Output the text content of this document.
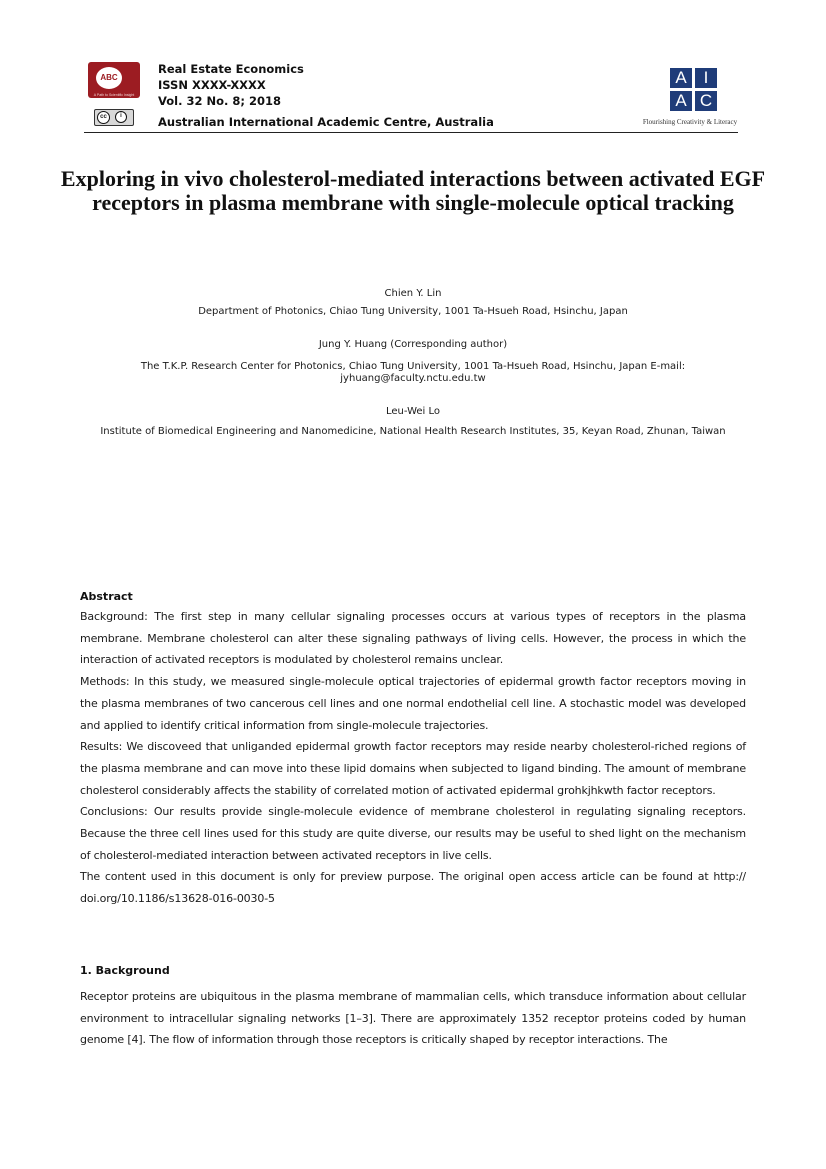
ABC
A Path to Scientific Insight
cc	i
Real Estate Economics
ISSN XXXX-XXXX
Vol. 32 No. 8; 2018
Australian International Academic Centre, Australia
A I
A C
Flourishing Creativity & Literacy
Exploring in vivo cholesterol-mediated interactions between activated EGF receptors in plasma membrane with single-molecule optical tracking
Chien Y. Lin
Department of Photonics, Chiao Tung University, 1001 Ta-Hsueh Road, Hsinchu, Japan
Jung Y. Huang (Corresponding author)
The T.K.P. Research Center for Photonics, Chiao Tung University, 1001 Ta-Hsueh Road, Hsinchu, Japan E-mail:
jyhuang@faculty.nctu.edu.tw
Leu-Wei Lo
Institute of Biomedical Engineering and Nanomedicine, National Health Research Institutes, 35, Keyan Road, Zhunan, Taiwan
Abstract

Background: The first step in many cellular signaling processes occurs at various types of receptors in the plasma membrane. Membrane cholesterol can alter these signaling pathways of living cells. However, the process in which the interaction of activated receptors is modulated by cholesterol remains unclear.

Methods: In this study, we measured single-molecule optical trajectories of epidermal growth factor receptors moving in the plasma membranes of two cancerous cell lines and one normal endothelial cell line. A stochastic model was developed and applied to identify critical information from single-molecule trajectories.

Results: We discoveed that unliganded epidermal growth factor receptors may reside nearby cholesterol-riched regions of the plasma membrane and can move into these lipid domains when subjected to ligand binding. The amount of membrane cholesterol considerably affects the stability of correlated motion of activated epidermal grohkjhkwth factor receptors.

Conclusions: Our results provide single-molecule evidence of membrane cholesterol in regulating signaling receptors. Because the three cell lines used for this study are quite diverse, our results may be useful to shed light on the mechanism of cholesterol-mediated interaction between activated receptors in live cells.

The content used in this document is only for preview purpose. The original open access article can be found at http:// doi.org/10.1186/s13628-016-0030-5

1. Background

Receptor proteins are ubiquitous in the plasma membrane of mammalian cells, which transduce information about cellular environment to intracellular signaling networks [1–3]. There are approximately 1352 receptor proteins coded by human genome [4]. The flow of information through those receptors is critically shaped by receptor interactions. The
